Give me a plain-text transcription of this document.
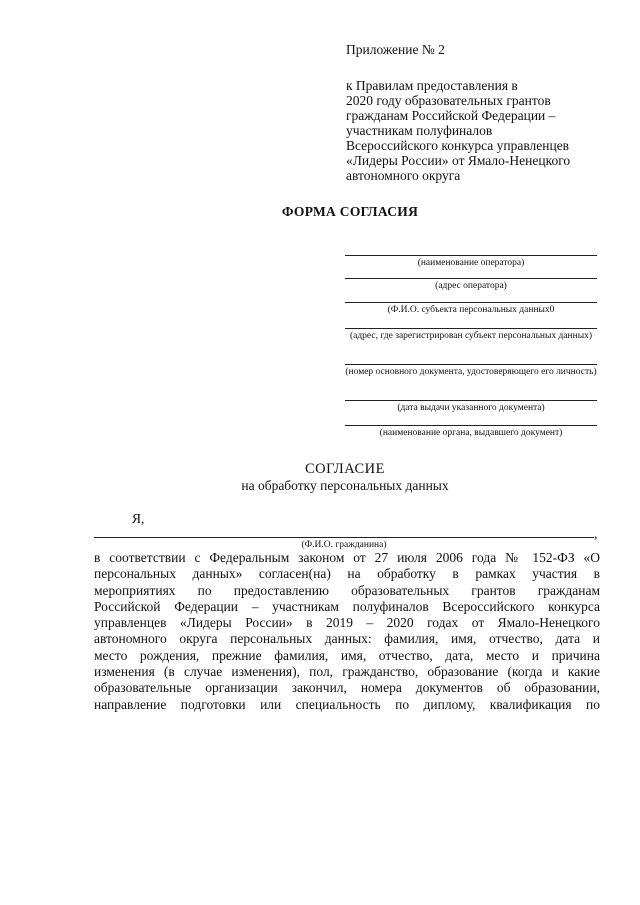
Приложение № 2
к Правилам предоставления в
2020 году образовательных грантов
гражданам Российской Федерации –
участникам полуфиналов
Всероссийского конкурса управленцев
«Лидеры России» от Ямало-Ненецкого
автономного округа
ФОРМА СОГЛАСИЯ
(наименование оператора)
(адрес оператора)
(Ф.И.О. субъекта персональных данных0
(адрес, где зарегистрирован субъект персональных данных)
(номер основного документа, удостоверяющего его личность)
(дата выдачи указанного документа)
(наименование органа, выдавшего документ)
СОГЛАСИЕ
на обработку персональных данных
Я,
,
(Ф.И.О. гражданина)
в соответствии с Федеральным законом от 27 июля 2006 года № 152-ФЗ «О
персональных данных» согласен(на) на обработку в рамках участия в
мероприятиях по предоставлению образовательных грантов гражданам
Российской Федерации – участникам полуфиналов Всероссийского конкурса
управленцев «Лидеры России» в 2019 – 2020 годах от Ямало-Ненецкого
автономного округа персональных данных: фамилия, имя, отчество, дата и
место рождения, прежние фамилия, имя, отчество, дата, место и причина
изменения (в случае изменения), пол, гражданство, образование (когда и какие
образовательные организации закончил, номера документов об образовании,
направление подготовки или специальность по диплому, квалификация по
